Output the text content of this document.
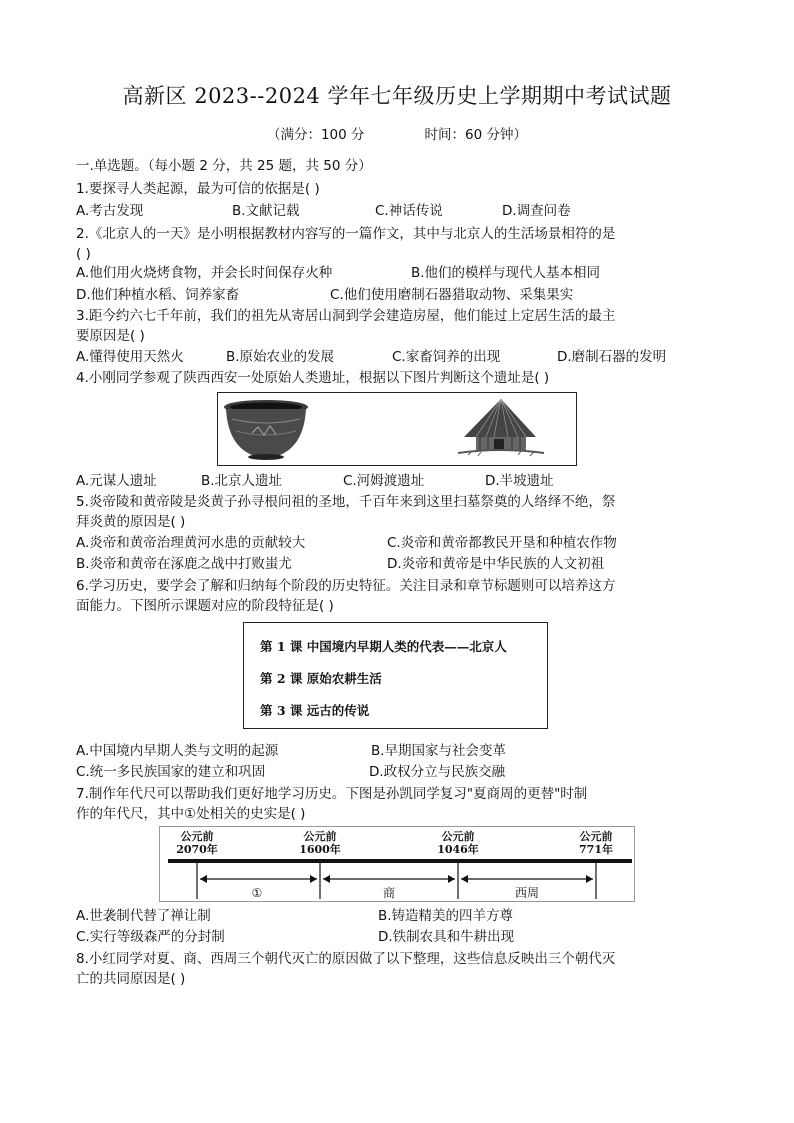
高新区 2023--2024 学年七年级历史上学期期中考试试题
（满分：100 分	时间：60 分钟）
一.单选题。（每小题 2 分，共 25 题，共 50 分）
1.要探寻人类起源，最为可信的依据是( )
A.考古发现	B.文献记载	C.神话传说	D.调查问卷
2.《北京人的一天》是小明根据教材内容写的一篇作文，其中与北京人的生活场景相符的是
( )
A.他们用火烧烤食物，并会长时间保存火种	B.他们的模样与现代人基本相同
D.他们种植水稻、饲养家畜	C.他们使用磨制石器猎取动物、采集果实
3.距今约六七千年前，我们的祖先从寄居山洞到学会建造房屋，他们能过上定居生活的最主
要原因是( )
A.懂得使用天然火	B.原始农业的发展	C.家畜饲养的出现	D.磨制石器的发明
4.小刚同学参观了陕西西安一处原始人类遗址，根据以下图片判断这个遗址是( )
A.元谋人遗址	B.北京人遗址	C.河姆渡遗址	D.半坡遗址
5.炎帝陵和黄帝陵是炎黄子孙寻根问祖的圣地，千百年来到这里扫墓祭奠的人络绎不绝，祭
拜炎黄的原因是( )
A.炎帝和黄帝治理黄河水患的贡献较大	C.炎帝和黄帝都教民开垦和种植农作物
B.炎帝和黄帝在涿鹿之战中打败蚩尤	D.炎帝和黄帝是中华民族的人文初祖
6.学习历史，要学会了解和归纳每个阶段的历史特征。关注目录和章节标题则可以培养这方
面能力。下图所示课题对应的阶段特征是( )
第 1 课 中国境内早期人类的代表——北京人
第 2 课 原始农耕生活
第 3 课 远古的传说
A.中国境内早期人类与文明的起源	B.早期国家与社会变革
C.统一多民族国家的建立和巩固	D.政权分立与民族交融
7.制作年代尺可以帮助我们更好地学习历史。下图是孙凯同学复习"夏商周的更替"时制
作的年代尺，其中①处相关的史实是( )
公元前
2070年
公元前
1600年
公元前
1046年
公元前
771年
①	商	西周
A.世袭制代替了禅让制	B.铸造精美的四羊方尊
C.实行等级森严的分封制	D.铁制农具和牛耕出现
8.小红同学对夏、商、西周三个朝代灭亡的原因做了以下整理，这些信息反映出三个朝代灭
亡的共同原因是( )
